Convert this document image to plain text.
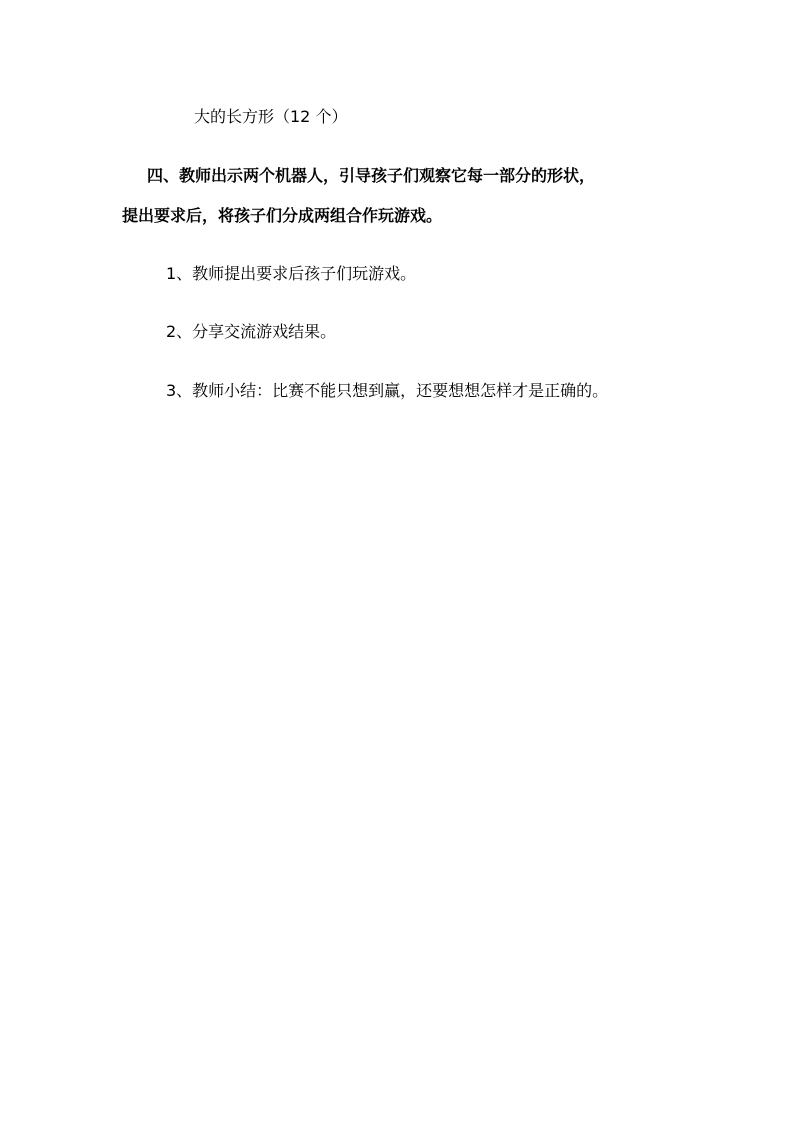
大的长方形（12 个）
四、教师出示两个机器人，引导孩子们观察它每一部分的形状，
提出要求后，将孩子们分成两组合作玩游戏。
1、教师提出要求后孩子们玩游戏。
2、分享交流游戏结果。
3、教师小结：比赛不能只想到赢，还要想想怎样才是正确的。
